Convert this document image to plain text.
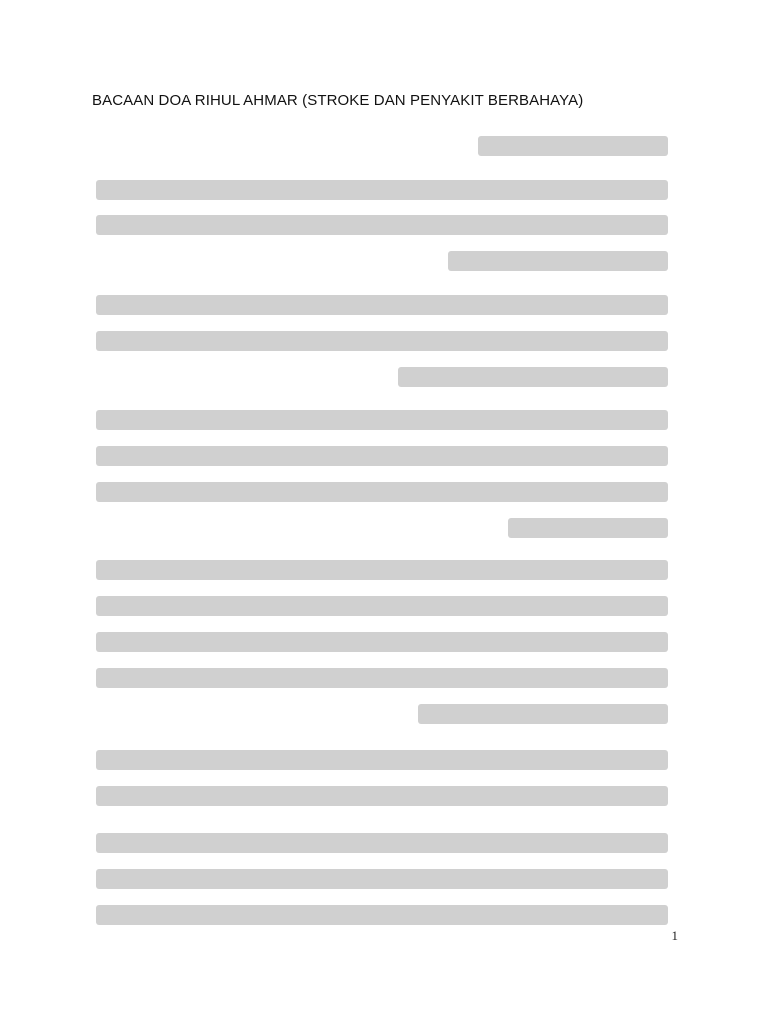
BACAAN DOA RIHUL AHMAR (STROKE DAN PENYAKIT BERBAHAYA)
1
